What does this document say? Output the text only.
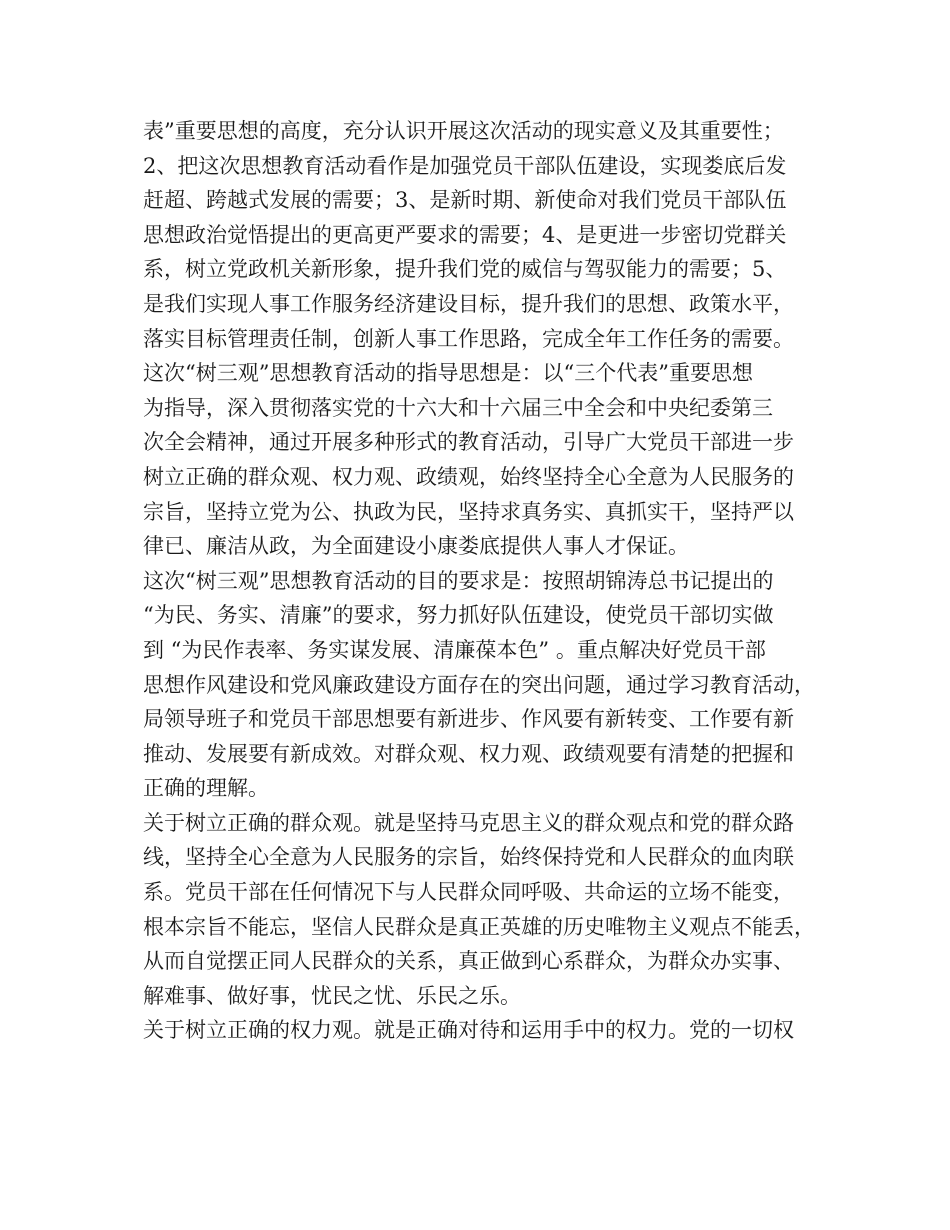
表”重要思想的高度，充分认识开展这次活动的现实意义及其重要性；
2、把这次思想教育活动看作是加强党员干部队伍建设，实现娄底后发
赶超、跨越式发展的需要；3、是新时期、新使命对我们党员干部队伍
思想政治觉悟提出的更高更严要求的需要；4、是更进一步密切党群关
系，树立党政机关新形象，提升我们党的威信与驾驭能力的需要；5、
是我们实现人事工作服务经济建设目标，提升我们的思想、政策水平，
落实目标管理责任制，创新人事工作思路，完成全年工作任务的需要。
这次“树三观”思想教育活动的指导思想是：以“三个代表”重要思想
为指导，深入贯彻落实党的十六大和十六届三中全会和中央纪委第三
次全会精神，通过开展多种形式的教育活动，引导广大党员干部进一步
树立正确的群众观、权力观、政绩观，始终坚持全心全意为人民服务的
宗旨，坚持立党为公、执政为民，坚持求真务实、真抓实干，坚持严以
律已、廉洁从政，为全面建设小康娄底提供人事人才保证。
这次“树三观”思想教育活动的目的要求是：按照胡锦涛总书记提出的
“为民、务实、清廉”的要求，努力抓好队伍建设，使党员干部切实做
到 “为民作表率、务实谋发展、清廉葆本色” 。重点解决好党员干部
思想作风建设和党风廉政建设方面存在的突出问题，通过学习教育活动，
局领导班子和党员干部思想要有新进步、作风要有新转变、工作要有新
推动、发展要有新成效。对群众观、权力观、政绩观要有清楚的把握和
正确的理解。
关于树立正确的群众观。就是坚持马克思主义的群众观点和党的群众路
线，坚持全心全意为人民服务的宗旨，始终保持党和人民群众的血肉联
系。党员干部在任何情况下与人民群众同呼吸、共命运的立场不能变，
根本宗旨不能忘，坚信人民群众是真正英雄的历史唯物主义观点不能丢，
从而自觉摆正同人民群众的关系，真正做到心系群众，为群众办实事、
解难事、做好事，忧民之忧、乐民之乐。
关于树立正确的权力观。就是正确对待和运用手中的权力。党的一切权
